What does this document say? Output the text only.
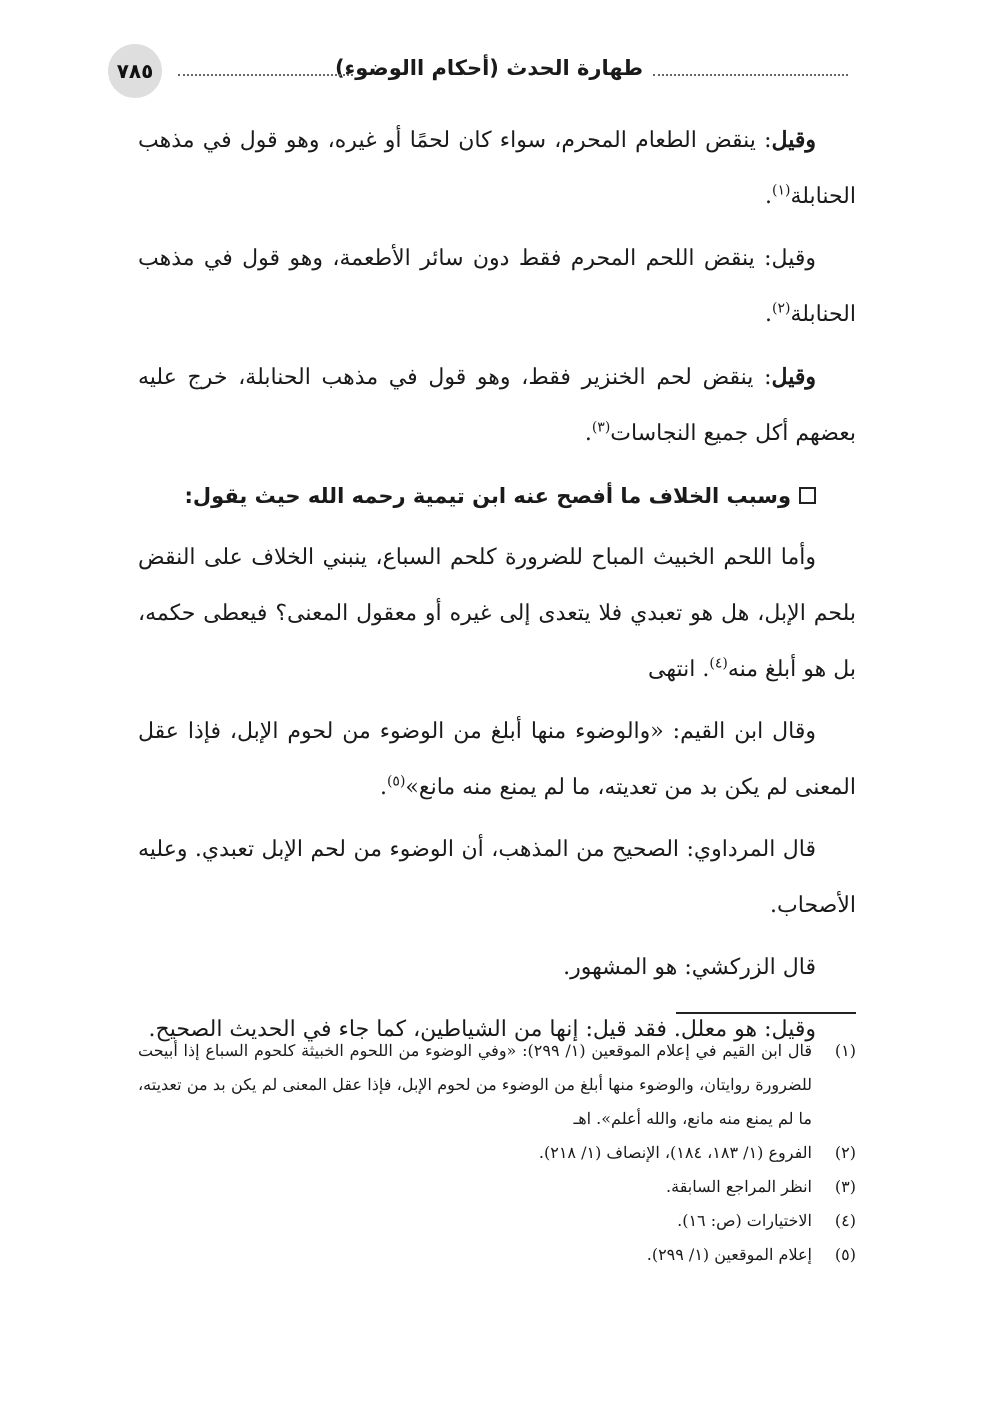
طهارة الحدث (أحكام االوضوء)
٧٨٥

وقيل: ينقض الطعام المحرم، سواء كان لحمًا أو غيره، وهو قول في مذهب الحنابلة$^{(١)}$.

وقيل: ينقض اللحم المحرم فقط دون سائر الأطعمة، وهو قول في مذهب الحنابلة$^{(٢)}$.

وقيل: ينقض لحم الخنزير فقط، وهو قول في مذهب الحنابلة، خرج عليه بعضهم أكل جميع النجاسات$^{(٣)}$.

وسبب الخلاف ما أفصح عنه ابن تيمية رحمه الله حيث يقول:

وأما اللحم الخبيث المباح للضرورة كلحم السباع، ينبني الخلاف على النقض بلحم الإبل، هل هو تعبدي فلا يتعدى إلى غيره أو معقول المعنى؟ فيعطى حكمه، بل هو أبلغ منه$^{(٤)}$. انتهى

وقال ابن القيم: «والوضوء منها أبلغ من الوضوء من لحوم الإبل، فإذا عقل المعنى لم يكن بد من تعديته، ما لم يمنع منه مانع»$^{(٥)}$.

قال المرداوي: الصحيح من المذهب، أن الوضوء من لحم الإبل تعبدي. وعليه الأصحاب.

قال الزركشي: هو المشهور.

وقيل: هو معلل. فقد قيل: إنها من الشياطين، كما جاء في الحديث الصحيح.

(١)
قال ابن القيم في إعلام الموقعين (١/ ٢٩٩): «وفي الوضوء من اللحوم الخبيثة كلحوم السباع إذا أبيحت للضرورة روايتان، والوضوء منها أبلغ من الوضوء من لحوم الإبل، فإذا عقل المعنى لم يكن بد من تعديته، ما لم يمنع منه مانع، والله أعلم». اهـ
(٢)
الفروع (١/ ١٨٣، ١٨٤)، الإنصاف (١/ ٢١٨).
(٣)
انظر المراجع السابقة.
(٤)
الاختيارات (ص: ١٦).
(٥)
إعلام الموقعين (١/ ٢٩٩).
